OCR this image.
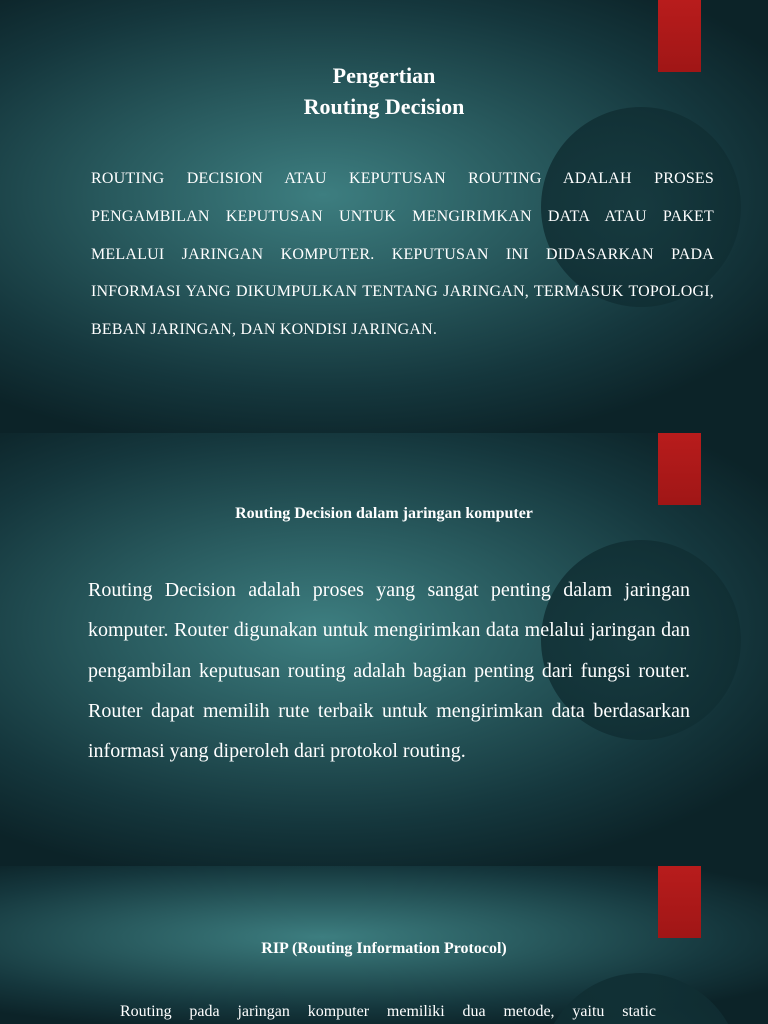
Pengertian
Routing Decision
ROUTING DECISION ATAU KEPUTUSAN ROUTING ADALAH PROSES PENGAMBILAN KEPUTUSAN UNTUK MENGIRIMKAN DATA ATAU PAKET MELALUI JARINGAN KOMPUTER. KEPUTUSAN INI DIDASARKAN PADA INFORMASI YANG DIKUMPULKAN TENTANG JARINGAN, TERMASUK TOPOLOGI, BEBAN JARINGAN, DAN KONDISI JARINGAN.
Routing Decision dalam jaringan komputer
Routing Decision adalah proses yang sangat penting dalam jaringan komputer. Router digunakan untuk mengirimkan data melalui jaringan dan pengambilan keputusan routing adalah bagian penting dari fungsi router. Router dapat memilih rute terbaik untuk mengirimkan data berdasarkan informasi yang diperoleh dari protokol routing.
RIP (Routing Information Protocol)
Routing pada jaringan komputer memiliki dua metode, yaitu static
